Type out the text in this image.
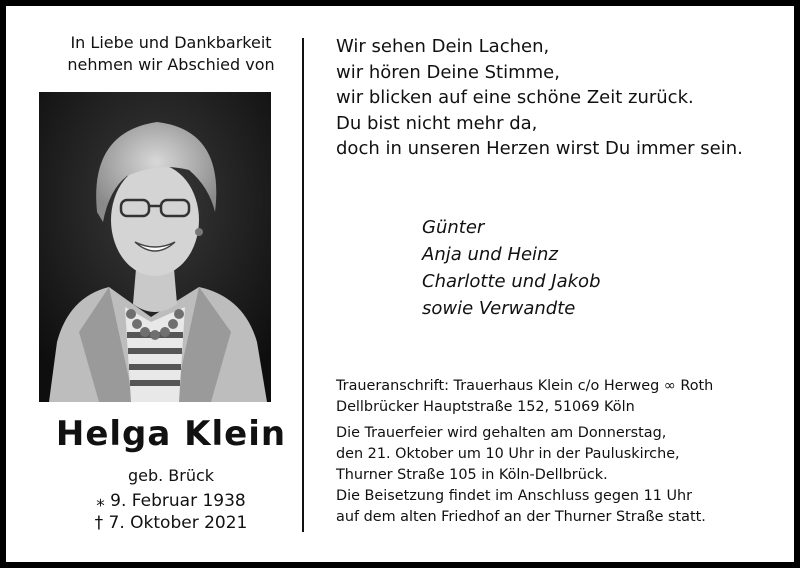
In Liebe und Dankbarkeit
nehmen wir Abschied von
Helga Klein
geb. Brück
⁎ 9. Februar 1938
† 7. Oktober 2021
Wir sehen Dein Lachen,
wir hören Deine Stimme,
wir blicken auf eine schöne Zeit zurück.
Du bist nicht mehr da,
doch in unseren Herzen wirst Du immer sein.
Günter
Anja und Heinz
Charlotte und Jakob
sowie Verwandte
Traueranschrift: Trauerhaus Klein c/o Herweg ∞ Roth
Dellbrücker Hauptstraße 152, 51069 Köln
Die Trauerfeier wird gehalten am Donnerstag,
den 21. Oktober um 10 Uhr in der Pauluskirche,
Thurner Straße 105 in Köln-Dellbrück.
Die Beisetzung findet im Anschluss gegen 11 Uhr
auf dem alten Friedhof an der Thurner Straße statt.
